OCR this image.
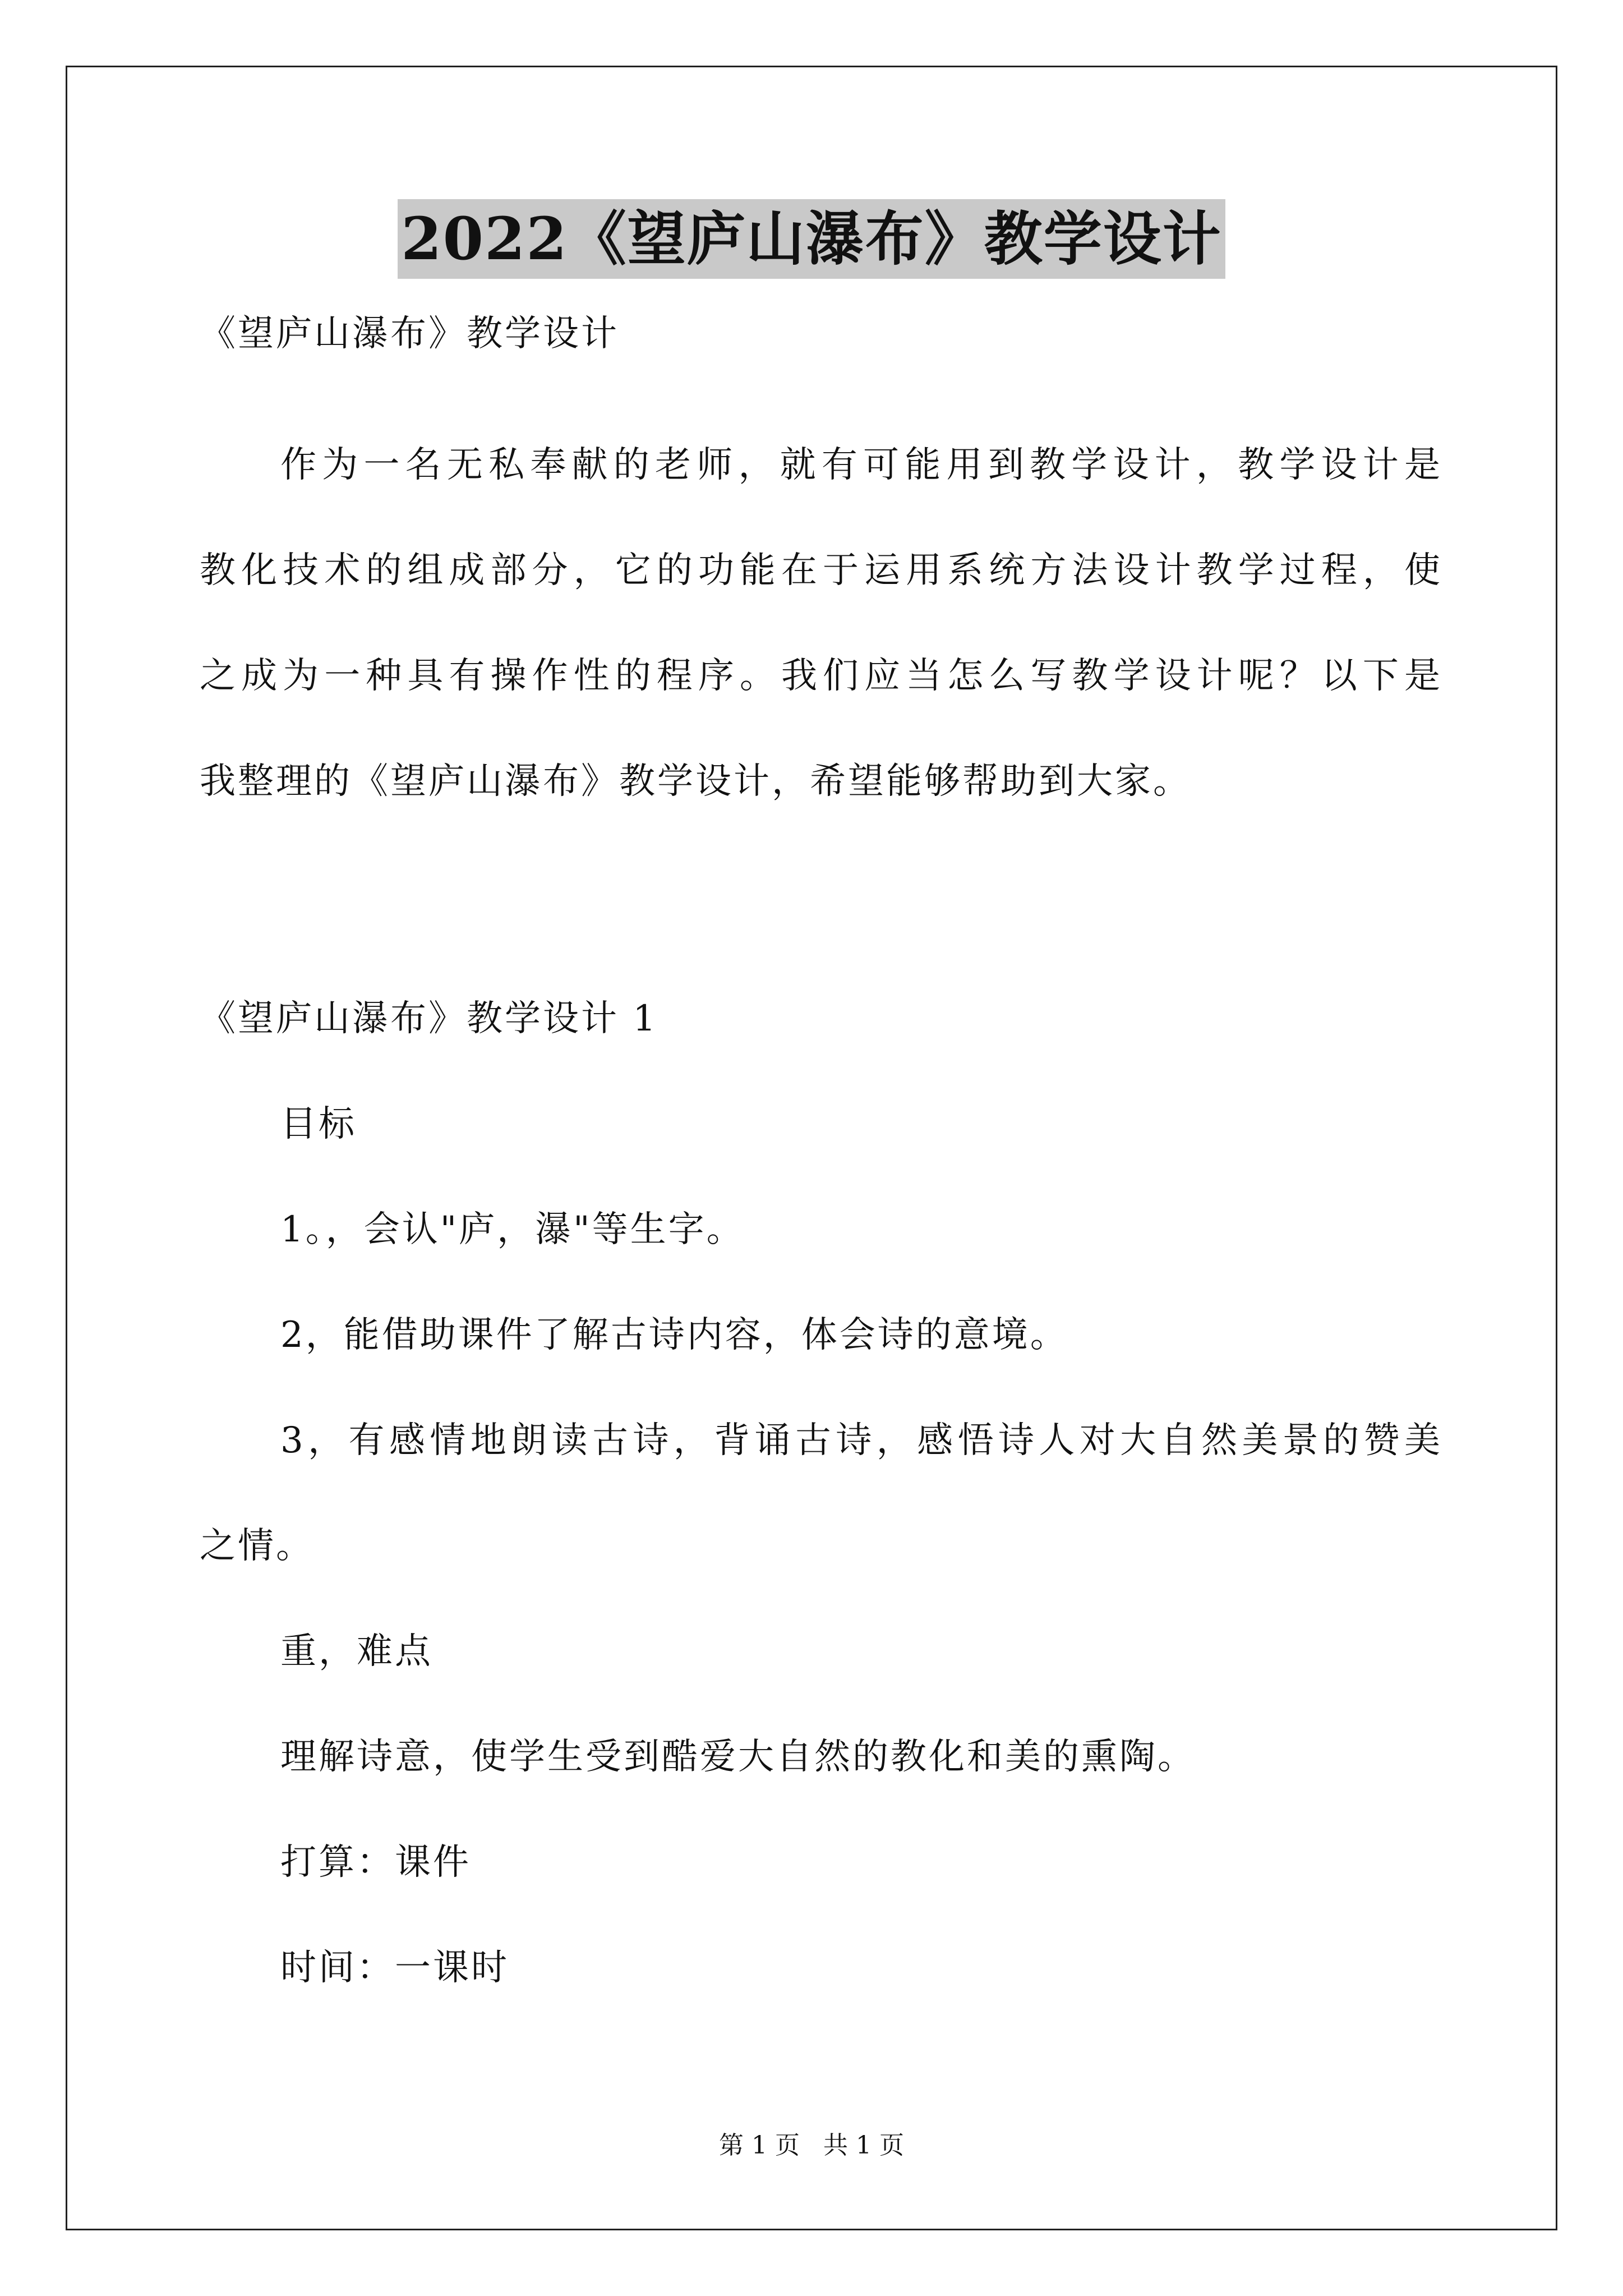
2022《望庐山瀑布》教学设计

《望庐山瀑布》教学设计

作为一名无私奉献的老师，就有可能用到教学设计，教学设计是

教化技术的组成部分，它的功能在于运用系统方法设计教学过程，使

之成为一种具有操作性的程序。我们应当怎么写教学设计呢？以下是

我整理的《望庐山瀑布》教学设计，希望能够帮助到大家。

《望庐山瀑布》教学设计 1

目标

1。，会认"庐，瀑"等生字。

2，能借助课件了解古诗内容，体会诗的意境。

3，有感情地朗读古诗，背诵古诗，感悟诗人对大自然美景的赞美

之情。

重，难点

理解诗意，使学生受到酷爱大自然的教化和美的熏陶。

打算：课件

时间：一课时

第 1 页   共 1 页
